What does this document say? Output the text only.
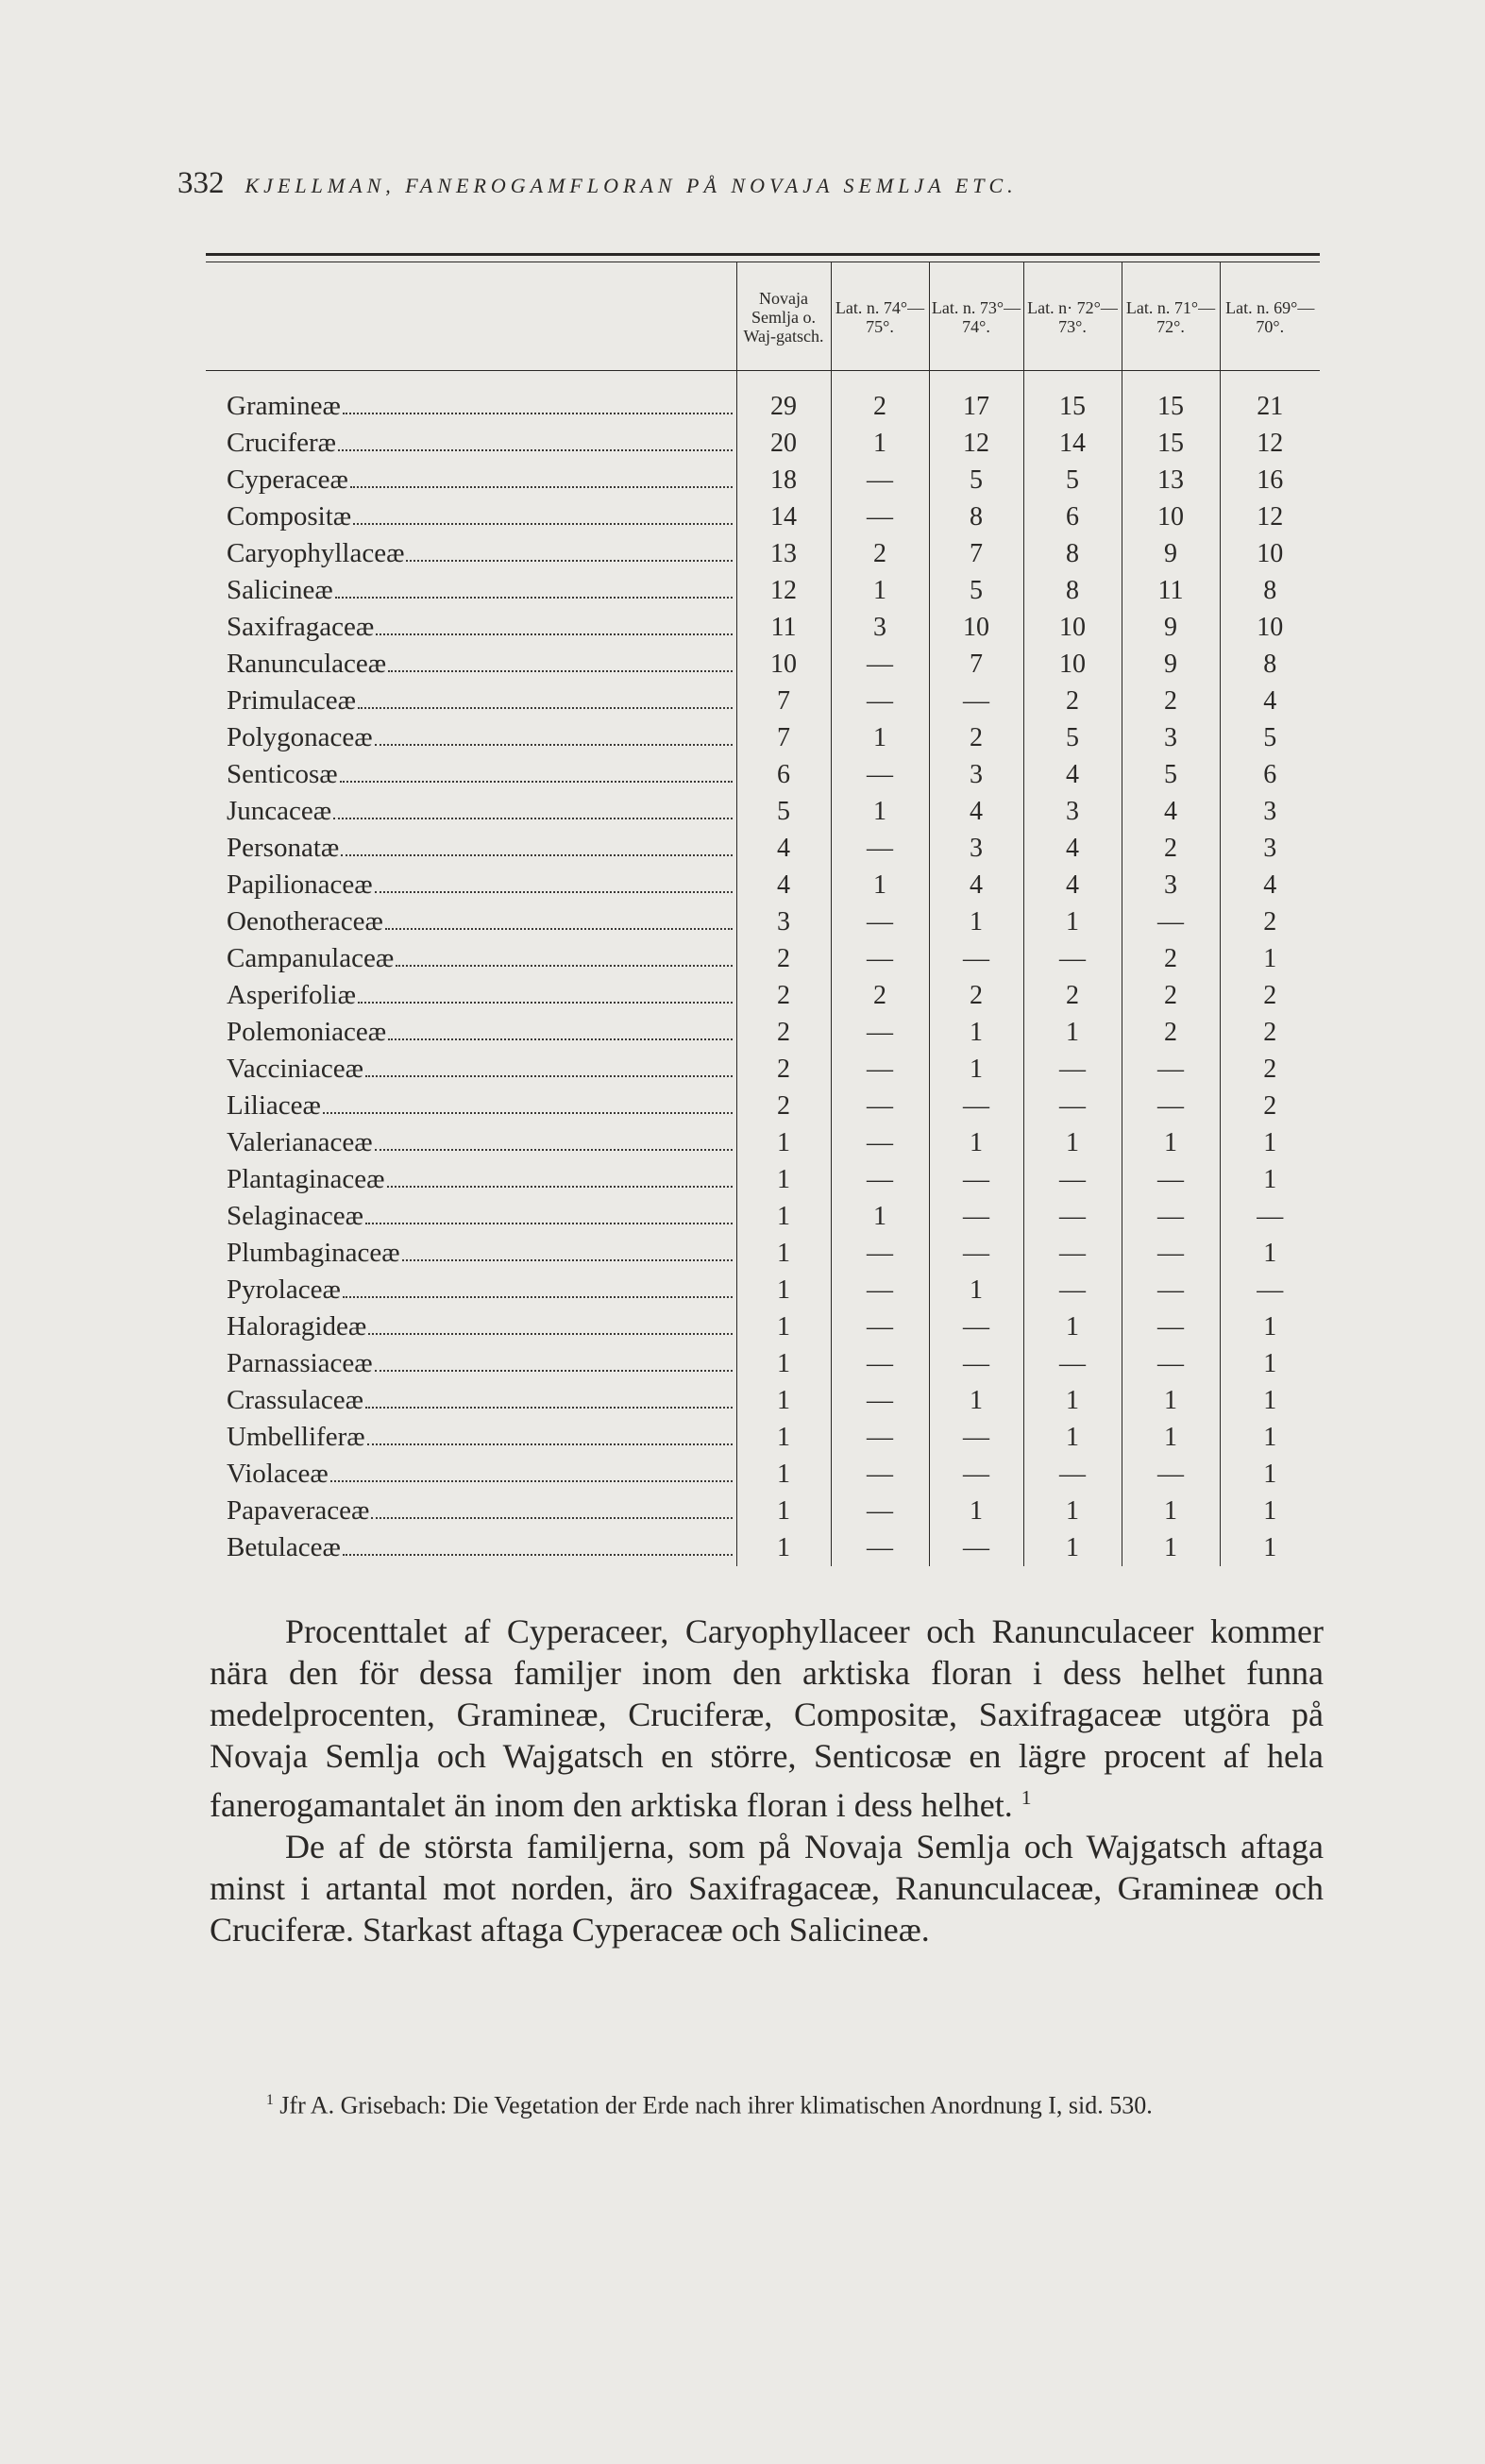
332 KJELLMAN, FANEROGAMFLORAN PÅ NOVAJA SEMLJA ETC.
	Novaja Semlja o. Waj-gatsch.	Lat. n. 74°—75°.	Lat. n. 73°—74°.	Lat. n· 72°—73°.	Lat. n. 71°—72°.	Lat. n. 69°—70°.

Gramineæ	29	2	17	15	15	21

Cruciferæ	20	1	12	14	15	12

Cyperaceæ	18	—	5	5	13	16

Compositæ	14	—	8	6	10	12

Caryophyllaceæ	13	2	7	8	9	10

Salicineæ	12	1	5	8	11	8

Saxifragaceæ	11	3	10	10	9	10

Ranunculaceæ	10	—	7	10	9	8

Primulaceæ	7	—	—	2	2	4

Polygonaceæ	7	1	2	5	3	5

Senticosæ	6	—	3	4	5	6

Juncaceæ	5	1	4	3	4	3

Personatæ	4	—	3	4	2	3

Papilionaceæ	4	1	4	4	3	4

Oenotheraceæ	3	—	1	1	—	2

Campanulaceæ	2	—	—	—	2	1

Asperifoliæ	2	2	2	2	2	2

Polemoniaceæ	2	—	1	1	2	2

Vacciniaceæ	2	—	1	—	—	2

Liliaceæ	2	—	—	—	—	2

Valerianaceæ	1	—	1	1	1	1

Plantaginaceæ	1	—	—	—	—	1

Selaginaceæ	1	1	—	—	—	—

Plumbaginaceæ	1	—	—	—	—	1

Pyrolaceæ	1	—	1	—	—	—

Haloragideæ	1	—	—	1	—	1

Parnassiaceæ	1	—	—	—	—	1

Crassulaceæ	1	—	1	1	1	1

Umbelliferæ	1	—	—	1	1	1

Violaceæ	1	—	—	—	—	1

Papaveraceæ	1	—	1	1	1	1

Betulaceæ	1	—	—	1	1	1

Procenttalet af Cyperaceer, Caryophyllaceer och Ranunculaceer kommer nära den för dessa familjer inom den arktiska floran i dess helhet funna medelprocenten, Gramineæ, Cruciferæ, Compositæ, Saxifragaceæ utgöra på Novaja Semlja och Wajgatsch en större, Senticosæ en lägre procent af hela fanerogamantalet än inom den arktiska floran i dess helhet. $^1$

De af de största familjerna, som på Novaja Semlja och Wajgatsch aftaga minst i artantal mot norden, äro Saxifragaceæ, Ranunculaceæ, Gramineæ och Cruciferæ. Starkast aftaga Cyperaceæ och Salicineæ.

$^1$ Jfr A. Grisebach: Die Vegetation der Erde nach ihrer klimatischen Anordnung I, sid. 530.
